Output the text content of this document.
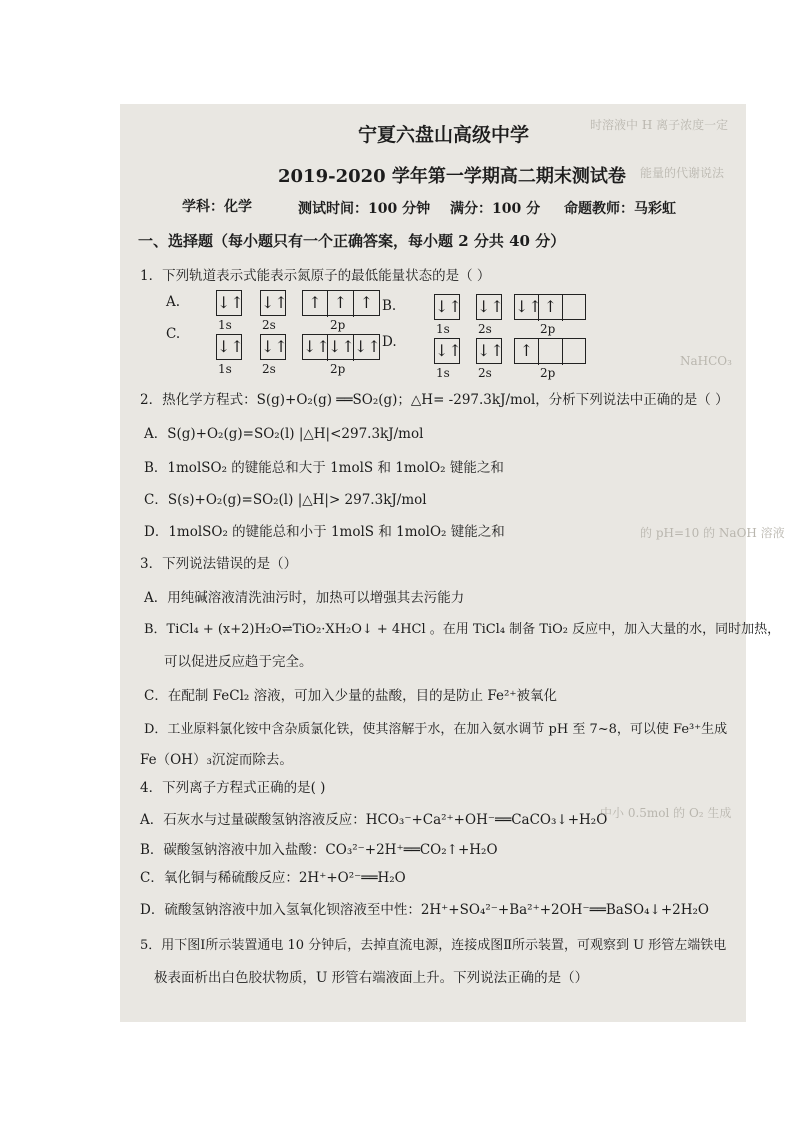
时溶液中 H 离子浓度一定
能量的代谢说法
NaHCO₃
的 pH=10 的 NaOH 溶液
中小 0.5mol 的 O₂ 生成
宁夏六盘山高级中学
2019-2020 学年第一学期高二期末测试卷
学科：化学	测试时间：100 分钟 满分：100 分 命题教师：马彩虹
一、选择题（每小题只有一个正确答案，每小题 2 分共 40 分）
1．下列轨道表示式能表示氮原子的最低能量状态的是（ ）
A. ↓↑ ↓↑	↑ ↑ ↑
1s	2s	2p
B. ↓↑ ↓↑ ↓↑ ↑
1s 2s	2p
C.
↓↑ ↓↑ ↓↑
↓↑ ↓↑
1s	2s	2p
D. ↓↑ ↓↑ ↑
1s 2s	2p
2．热化学方程式：S(g)+O₂(g) ══SO₂(g)；△H= -297.3kJ/mol，分析下列说法中正确的是（ ）
A．S(g)+O₂(g)=SO₂(l) |△H|<297.3kJ/mol
B．1molSO₂ 的键能总和大于 1molS 和 1molO₂ 键能之和
C．S(s)+O₂(g)=SO₂(l) |△H|> 297.3kJ/mol
D．1molSO₂ 的键能总和小于 1molS 和 1molO₂ 键能之和
3．下列说法错误的是（）
A．用纯碱溶液清洗油污时，加热可以增强其去污能力
B．TiCl₄ + (x+2)H₂O⇌TiO₂·XH₂O↓ + 4HCl 。在用 TiCl₄ 制备 TiO₂ 反应中，加入大量的水，同时加热，
可以促进反应趋于完全。
C．在配制 FeCl₂ 溶液，可加入少量的盐酸，目的是防止 Fe²⁺被氧化
D．工业原料氯化铵中含杂质氯化铁，使其溶解于水，在加入氨水调节 pH 至 7~8，可以使 Fe³⁺生成
Fe（OH）₃沉淀而除去。
4．下列离子方程式正确的是( )
A．石灰水与过量碳酸氢钠溶液反应：HCO₃⁻+Ca²⁺+OH⁻══CaCO₃↓+H₂O
B．碳酸氢钠溶液中加入盐酸：CO₃²⁻+2H⁺══CO₂↑+H₂O
C．氧化铜与稀硫酸反应：2H⁺+O²⁻══H₂O
D．硫酸氢钠溶液中加入氢氧化钡溶液至中性：2H⁺+SO₄²⁻+Ba²⁺+2OH⁻══BaSO₄↓+2H₂O
5．用下图Ⅰ所示装置通电 10 分钟后，去掉直流电源，连接成图Ⅱ所示装置，可观察到 U 形管左端铁电
极表面析出白色胶状物质，U 形管右端液面上升。下列说法正确的是（）
